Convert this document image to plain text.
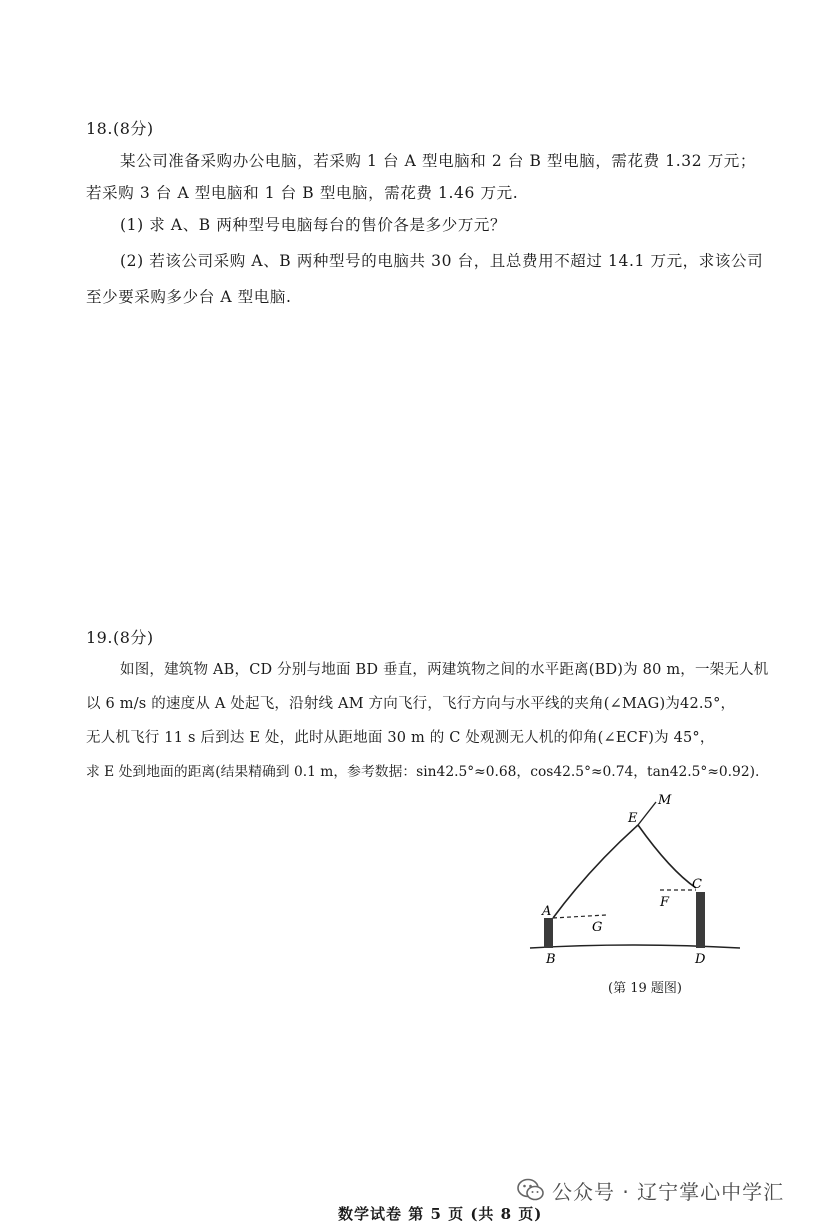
18.(8分)
某公司准备采购办公电脑，若采购 1 台 A 型电脑和 2 台 B 型电脑，需花费 1.32 万元；
若采购 3 台 A 型电脑和 1 台 B 型电脑，需花费 1.46 万元.
(1) 求 A、B 两种型号电脑每台的售价各是多少万元？
(2) 若该公司采购 A、B 两种型号的电脑共 30 台，且总费用不超过 14.1 万元，求该公司
至少要采购多少台 A 型电脑.
19.(8分)
如图，建筑物 AB，CD 分别与地面 BD 垂直，两建筑物之间的水平距离(BD)为 80 m，一架无人机
以 6 m/s 的速度从 A 处起飞，沿射线 AM 方向飞行，飞行方向与水平线的夹角(∠MAG)为42.5°，
无人机飞行 11 s 后到达 E 处，此时从距地面 30 m 的 C 处观测无人机的仰角(∠ECF)为 45°，
求 E 处到地面的距离(结果精确到 0.1 m，参考数据：sin42.5°≈0.68，cos42.5°≈0.74，tan42.5°≈0.92).
M
E
C
F
A
G
B	D
(第 19 题图)
公众号 · 辽宁掌心中学汇
数学试卷 第 5 页 (共 8 页)
